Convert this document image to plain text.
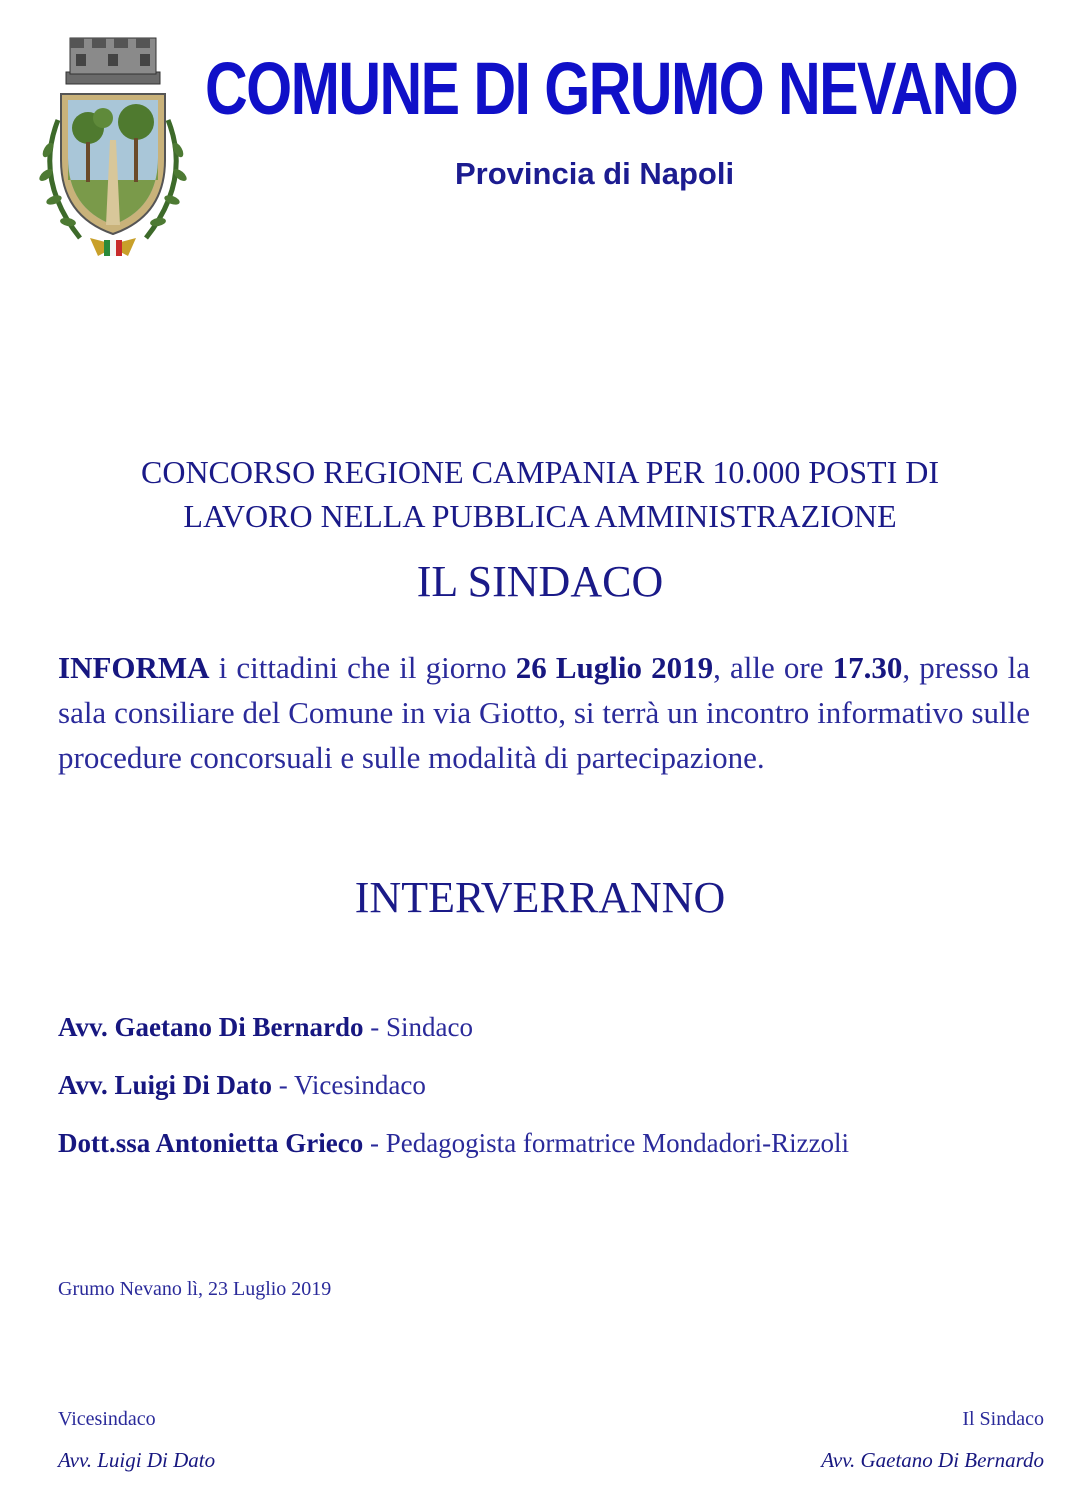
COMUNE DI GRUMO NEVANO
Provincia di Napoli
CONCORSO REGIONE CAMPANIA PER 10.000 POSTI DI
LAVORO NELLA PUBBLICA AMMINISTRAZIONE
IL SINDACO
INFORMA i cittadini che il giorno 26 Luglio 2019, alle ore 17.30, presso la sala consiliare del Comune in via Giotto, si terrà un incontro informativo sulle procedure concorsuali e sulle modalità di partecipazione.
INTERVERRANNO
Avv. Gaetano Di Bernardo - Sindaco
Avv. Luigi Di Dato - Vicesindaco
Dott.ssa Antonietta Grieco - Pedagogista formatrice Mondadori-Rizzoli
Grumo Nevano lì, 23 Luglio 2019
Vicesindaco
Avv. Luigi Di Dato
Il Sindaco
Avv. Gaetano Di Bernardo
